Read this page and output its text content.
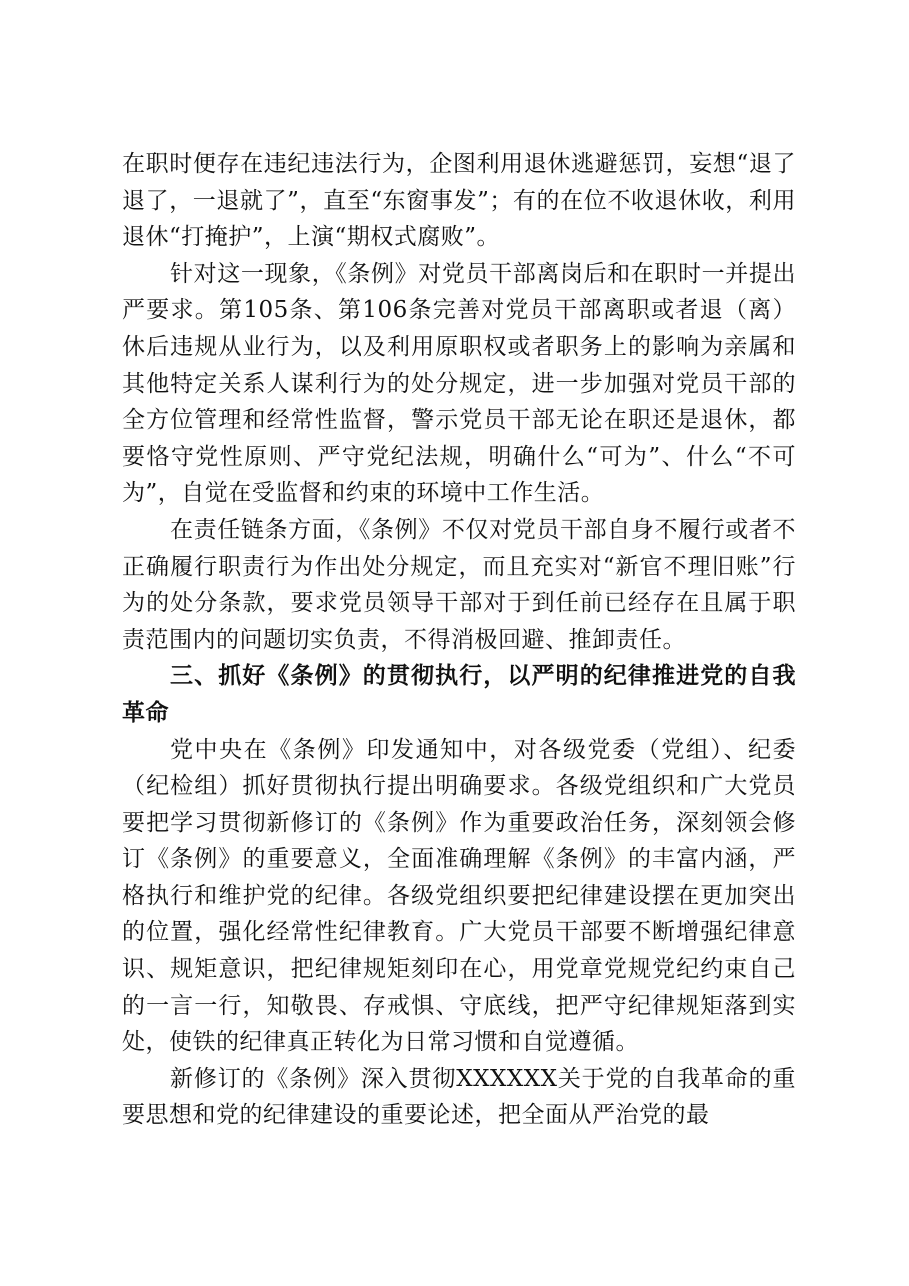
在职时便存在违纪违法行为，企图利用退休逃避惩罚，妄想“退了退了，一退就了”，直至“东窗事发”；有的在位不收退休收，利用退休“打掩护”，上演“期权式腐败”。

针对这一现象，《条例》对党员干部离岗后和在职时一并提出严要求。第105条、第106条完善对党员干部离职或者退（离）休后违规从业行为，以及利用原职权或者职务上的影响为亲属和其他特定关系人谋利行为的处分规定，进一步加强对党员干部的全方位管理和经常性监督，警示党员干部无论在职还是退休，都要恪守党性原则、严守党纪法规，明确什么“可为”、什么“不可为”，自觉在受监督和约束的环境中工作生活。

在责任链条方面，《条例》不仅对党员干部自身不履行或者不正确履行职责行为作出处分规定，而且充实对“新官不理旧账”行为的处分条款，要求党员领导干部对于到任前已经存在且属于职责范围内的问题切实负责，不得消极回避、推卸责任。

三、抓好《条例》的贯彻执行，以严明的纪律推进党的自我革命

党中央在《条例》印发通知中，对各级党委（党组）、纪委（纪检组）抓好贯彻执行提出明确要求。各级党组织和广大党员要把学习贯彻新修订的《条例》作为重要政治任务，深刻领会修订《条例》的重要意义，全面准确理解《条例》的丰富内涵，严格执行和维护党的纪律。各级党组织要把纪律建设摆在更加突出的位置，强化经常性纪律教育。广大党员干部要不断增强纪律意识、规矩意识，把纪律规矩刻印在心，用党章党规党纪约束自己的一言一行，知敬畏、存戒惧、守底线，把严守纪律规矩落到实处，使铁的纪律真正转化为日常习惯和自觉遵循。

新修订的《条例》深入贯彻XXXXXX关于党的自我革命的重要思想和党的纪律建设的重要论述，把全面从严治党的最
